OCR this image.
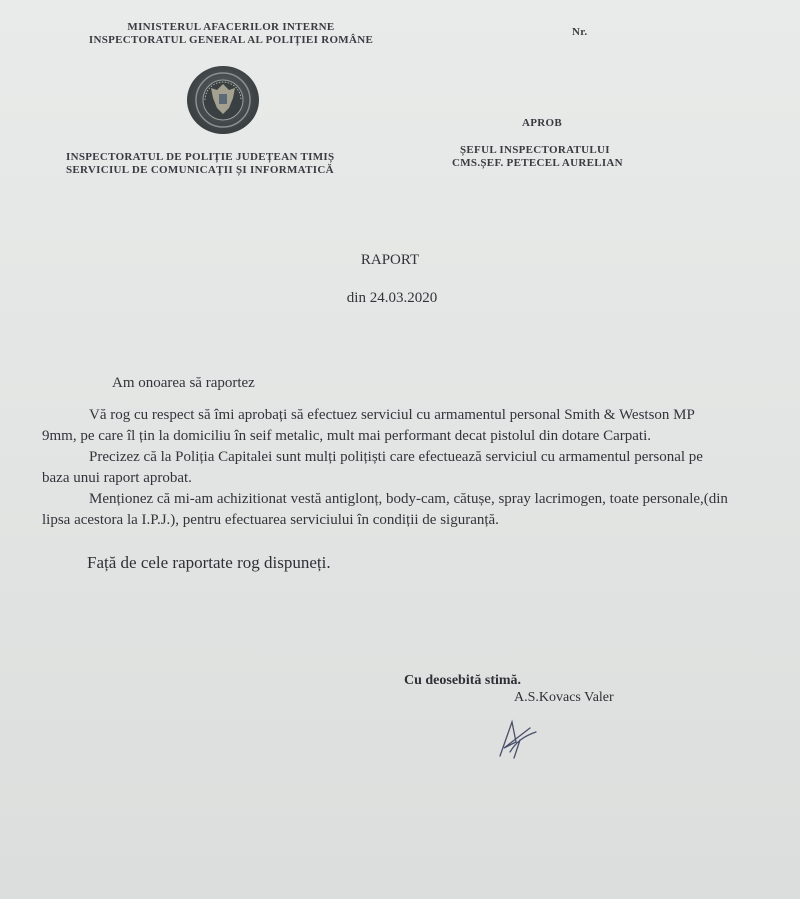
MINISTERUL AFACERILOR INTERNE
INSPECTORATUL GENERAL AL POLIȚIEI ROMÂNE
Nr.
APROB
INSPECTORATUL DE POLIȚIE JUDEȚEAN TIMIȘ
SERVICIUL DE COMUNICAȚII ȘI INFORMATICĂ
ȘEFUL INSPECTORATULUI
CMS.ȘEF. PETECEL AURELIAN
RAPORT
din 24.03.2020
Am onoarea să raportez
Vă rog cu respect să îmi aprobați să efectuez serviciul cu armamentul personal Smith & Westson MP 9mm, pe care îl țin la domiciliu în seif metalic, mult mai performant decat pistolul din dotare Carpati.
Precizez că la Poliția Capitalei sunt mulți polițiști care efectuează serviciul cu armamentul personal pe baza unui raport aprobat.
Menționez că mi-am achizitionat vestă antiglonț, body-cam, cătușe, spray lacrimogen, toate personale,(din lipsa acestora la I.P.J.), pentru efectuarea serviciului în condiții de siguranță.
Față de cele raportate rog dispuneți.
Cu deosebită stimă.
A.S.Kovacs Valer
